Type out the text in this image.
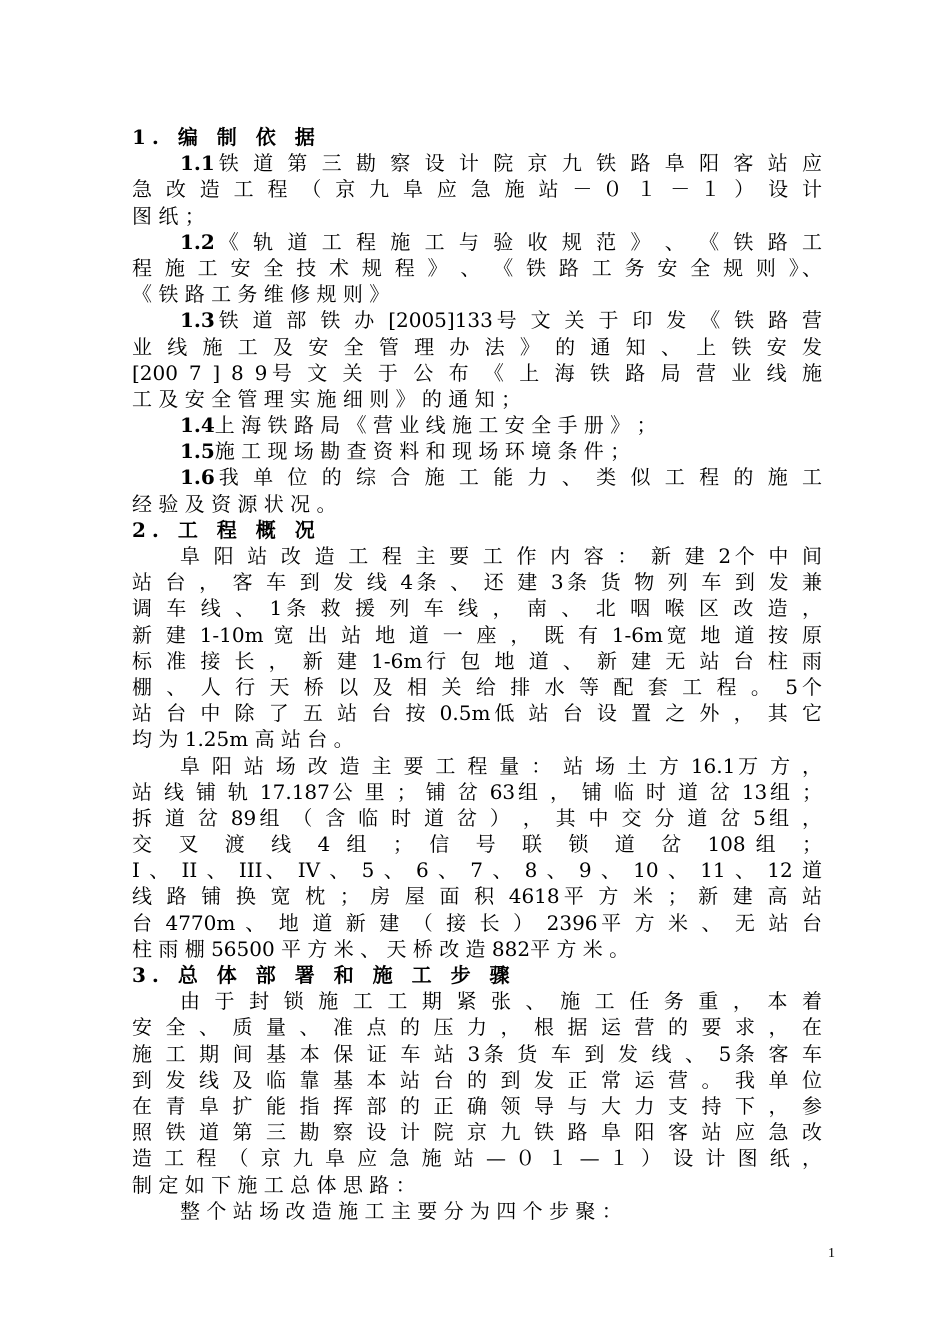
1. 编 制 依 据
1.1铁 道 第 三 勘 察 设 计 院 京 九 铁 路 阜 阳 客 站 应
急 改 造 工 程 （ 京 九 阜 应 急 施 站 － ０ １ － １ ） 设 计
图 纸 ；
1.2《 轨 道 工 程 施 工 与 验 收 规 范 》 、 《 铁 路 工
程 施 工 安 全 技 术 规 程 》 、 《 铁 路 工 务 安 全 规 则 》、
《 铁 路 工 务 维 修 规 则 》
1.3铁 道 部 铁 办 [2005]133号 文 关 于 印 发 《 铁 路 营
业 线 施 工 及 安 全 管 理 办 法 》 的 通 知 、 上 铁 安 发
[200 7 ] 8 9号 文 关 于 公 布 《 上 海 铁 路 局 营 业 线 施
工 及 安 全 管 理 实 施 细 则 》 的 通 知 ；
1.4上 海 铁 路 局 《 营 业 线 施 工 安 全 手 册 》 ；
1.5施 工 现 场 勘 查 资 料 和 现 场 环 境 条 件 ；
1.6我 单 位 的 综 合 施 工 能 力 、 类 似 工 程 的 施 工
经 验 及 资 源 状 况 。
2. 工 程 概 况
阜 阳 站 改 造 工 程 主 要 工 作 内 容 ： 新 建 2个 中 间
站 台 ， 客 车 到 发 线 4条 、 还 建 3条 货 物 列 车 到 发 兼
调 车 线 、 1条 救 援 列 车 线 ， 南 、 北 咽 喉 区 改 造 ，
新 建 1-10m 宽 出 站 地 道 一 座 ， 既 有 1-6m宽 地 道 按 原
标 准 接 长 ， 新 建 1-6m行 包 地 道 、 新 建 无 站 台 柱 雨
棚 、 人 行 天 桥 以 及 相 关 给 排 水 等 配 套 工 程 。 5个
站 台 中 除 了 五 站 台 按 0.5m低 站 台 设 置 之 外 ， 其 它
均 为 1.25m 高 站 台 。
阜 阳 站 场 改 造 主 要 工 程 量 ： 站 场 土 方 16.1万 方 ，
站 线 铺 轨 17.187公 里 ； 铺 岔 63组 ， 铺 临 时 道 岔 13组 ；
拆 道 岔 89组 （ 含 临 时 道 岔 ） ， 其 中 交 分 道 岔 5组 ，
交 叉 渡 线 4 组 ； 信 号 联 锁 道 岔 108组 ；
I 、 II 、 III、 IV 、 5 、 6 、 7 、 8 、 9 、 10 、 11 、 12 道
线 路 铺 换 宽 枕 ； 房 屋 面 积 4618平 方 米 ； 新 建 高 站
台 4770m 、 地 道 新 建 （ 接 长 ） 2396平 方 米 、 无 站 台
柱 雨 棚 56500 平 方 米 、 天 桥 改 造 882平 方 米 。
3. 总 体 部 署 和 施 工 步 骤
由 于 封 锁 施 工 工 期 紧 张 、 施 工 任 务 重 ， 本 着
安 全 、 质 量 、 准 点 的 压 力 ， 根 据 运 营 的 要 求 ， 在
施 工 期 间 基 本 保 证 车 站 3条 货 车 到 发 线 、 5条 客 车
到 发 线 及 临 靠 基 本 站 台 的 到 发 正 常 运 营 。 我 单 位
在 青 阜 扩 能 指 挥 部 的 正 确 领 导 与 大 力 支 持 下 ， 参
照 铁 道 第 三 勘 察 设 计 院 京 九 铁 路 阜 阳 客 站 应 急 改
造 工 程 （ 京 九 阜 应 急 施 站 — ０ １ — １ ） 设 计 图 纸 ，
制 定 如 下 施 工 总 体 思 路 ：
整 个 站 场 改 造 施 工 主 要 分 为 四 个 步 聚 ：
1
